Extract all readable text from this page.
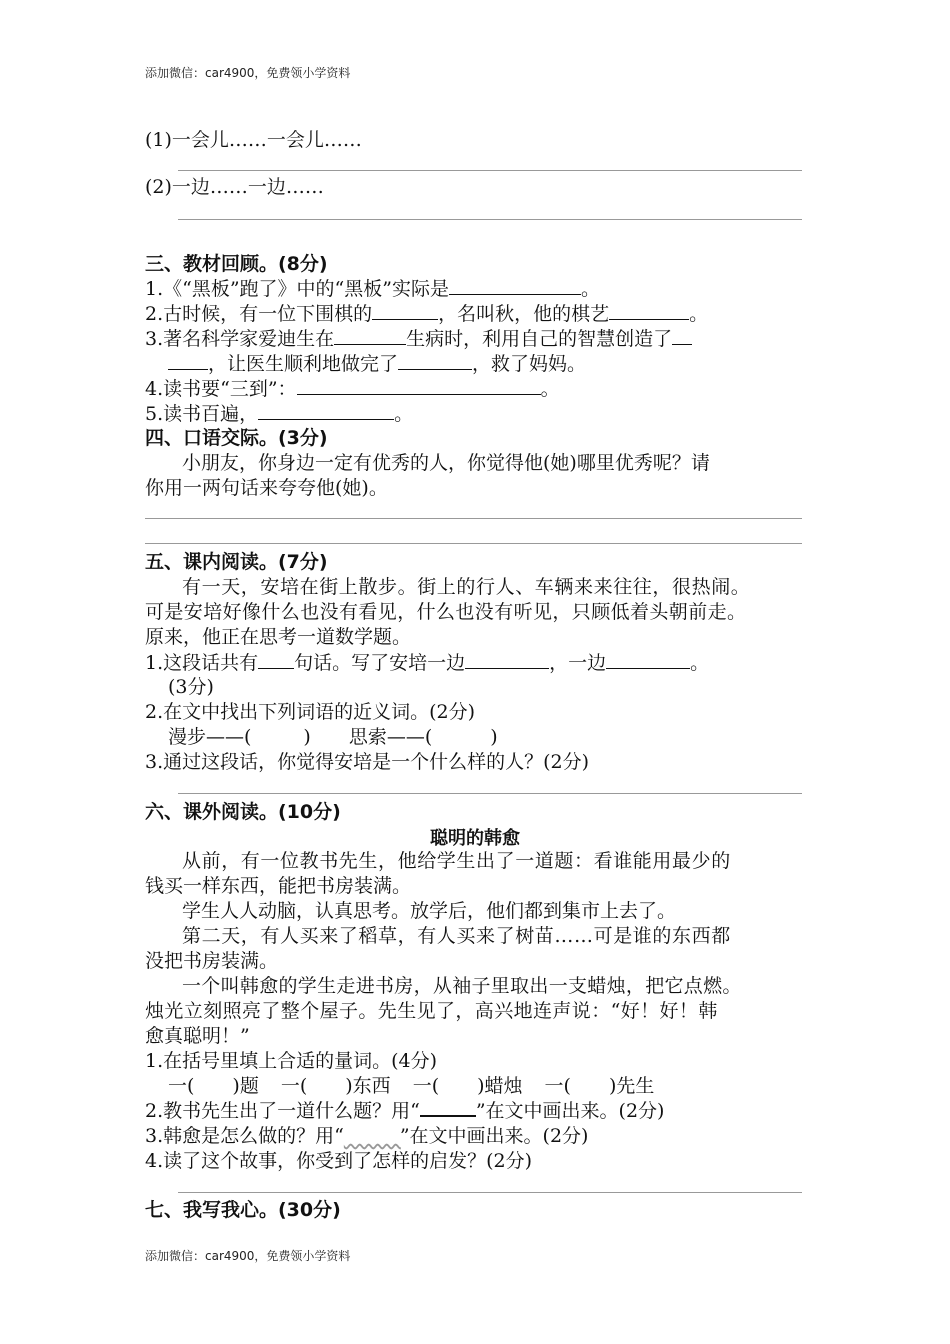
添加微信：car4900，免费领小学资料
(1)一会儿……一会儿……
(2)一边……一边……
三、教材回顾。(8分)
1.《“黑板”跑了》中的“黑板”实际是	。
2.古时候，有一位下围棋的	，名叫秋，他的棋艺	。
3.著名科学家爱迪生在	生病时，利用自己的智慧创造了
，让医生顺利地做完了	，救了妈妈。
4.读书要“三到”：	。
5.读书百遍，	。
四、口语交际。(3分)
小朋友，你身边一定有优秀的人，你觉得他(她)哪里优秀呢？请
你用一两句话来夸夸他(她)。
五、课内阅读。(7分)
有一天，安培在街上散步。街上的行人、车辆来来往往，很热闹。
可是安培好像什么也没有看见，什么也没有听见，只顾低着头朝前走。
原来，他正在思考一道数学题。
1.这段话共有 句话。写了安培一边	，一边	。
(3分)
2.在文中找出下列词语的近义词。(2分)
漫步——(	) 思索——(	)
3.通过这段话，你觉得安培是一个什么样的人？(2分)
六、课外阅读。(10分)
聪明的韩愈
从前，有一位教书先生，他给学生出了一道题：看谁能用最少的
钱买一样东西，能把书房装满。
学生人人动脑，认真思考。放学后，他们都到集市上去了。
第二天，有人买来了稻草，有人买来了树苗……可是谁的东西都
没把书房装满。
一个叫韩愈的学生走进书房，从袖子里取出一支蜡烛，把它点燃。
烛光立刻照亮了整个屋子。先生见了，高兴地连声说：“好！好！韩
愈真聪明！”
1.在括号里填上合适的量词。(4分)
一( )题 一( )东西 一( )蜡烛 一( )先生
2.教书先生出了一道什么题？用“	”在文中画出来。(2分)
3.韩愈是怎么做的？用“　　　	”在文中画出来。(2分)
4.读了这个故事，你受到了怎样的启发？(2分)
七、我写我心。(30分)
添加微信：car4900，免费领小学资料
